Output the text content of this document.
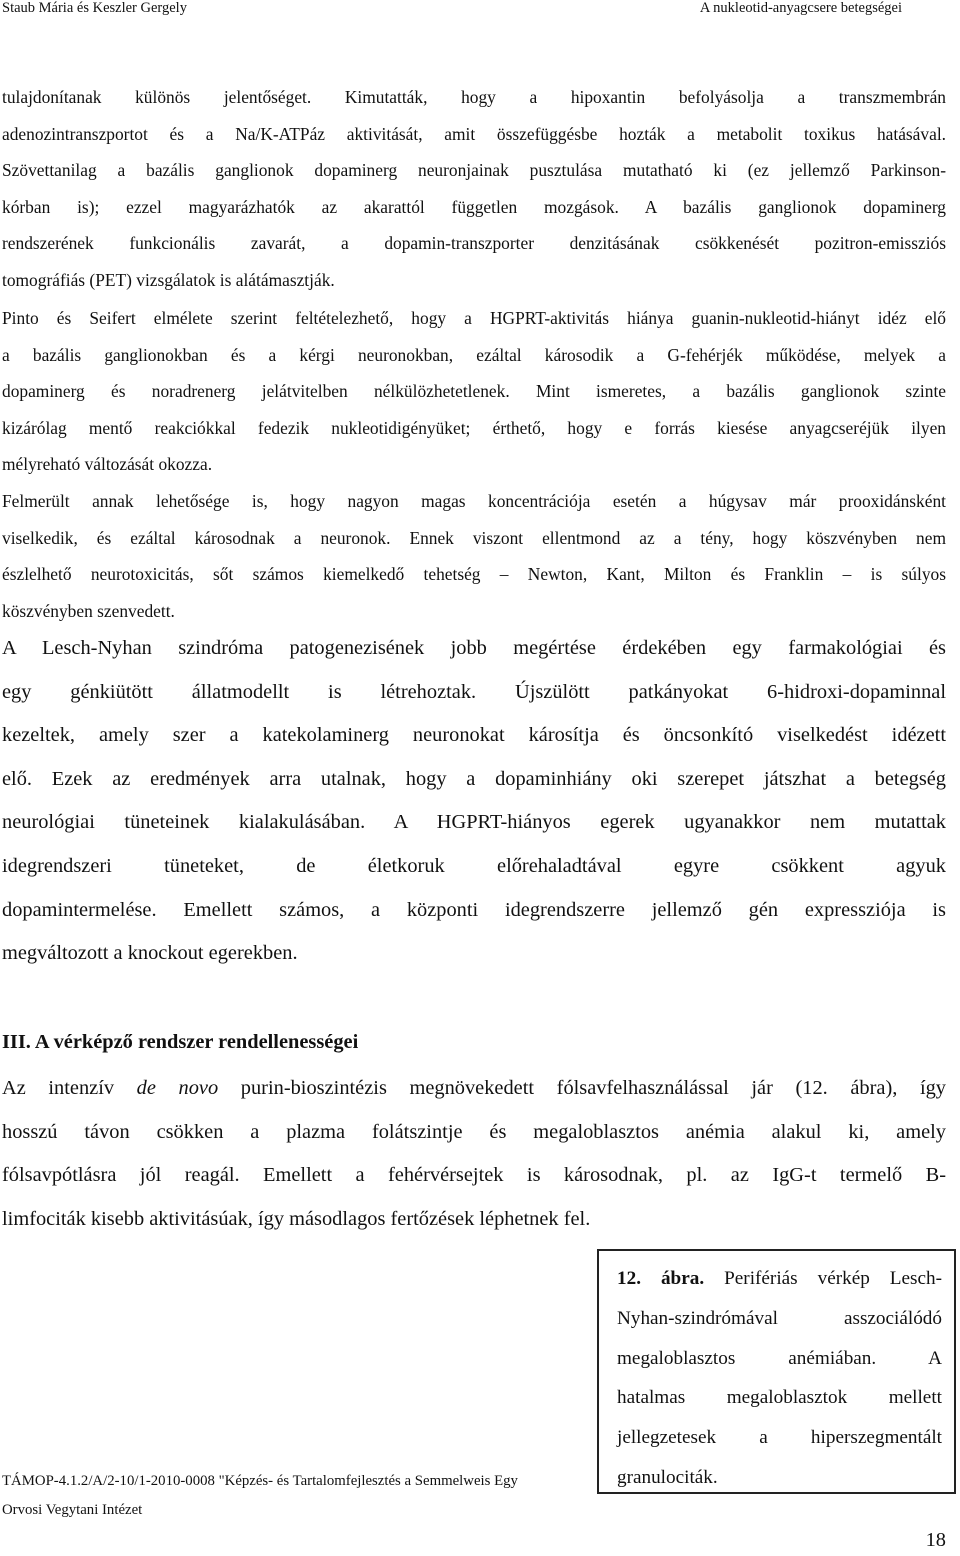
Staub Mária és Keszler Gergely	A nukleotid-anyagcsere betegségei
tulajdonítanak különös jelentőséget. Kimutatták, hogy a hipoxantin befolyásolja a transzmembrán
adenozintranszportot és a Na/K-ATPáz aktivitását, amit összefüggésbe hozták a metabolit toxikus hatásával.
Szövettanilag a bazális ganglionok dopaminerg neuronjainak pusztulása mutatható ki (ez jellemző Parkinson-
kórban is); ezzel magyarázhatók az akarattól független mozgások. A bazális ganglionok dopaminerg
rendszerének funkcionális zavarát, a dopamin-transzporter denzitásának csökkenését pozitron-emissziós
tomográfiás (PET) vizsgálatok is alátámasztják.
Pinto és Seifert elmélete szerint feltételezhető, hogy a HGPRT-aktivitás hiánya guanin-nukleotid-hiányt idéz elő
a bazális ganglionokban és a kérgi neuronokban, ezáltal károsodik a G-fehérjék működése, melyek a
dopaminerg és noradrenerg jelátvitelben nélkülözhetetlenek. Mint ismeretes, a bazális ganglionok szinte
kizárólag mentő reakciókkal fedezik nukleotidigényüket; érthető, hogy e forrás kiesése anyagcseréjük ilyen
mélyreható változását okozza.
Felmerült annak lehetősége is, hogy nagyon magas koncentrációja esetén a húgysav már prooxidánsként
viselkedik, és ezáltal károsodnak a neuronok. Ennek viszont ellentmond az a tény, hogy köszvényben nem
észlelhető neurotoxicitás, sőt számos kiemelkedő tehetség – Newton, Kant, Milton és Franklin – is súlyos
köszvényben szenvedett.
A Lesch-Nyhan szindróma patogenezisének jobb megértése érdekében egy farmakológiai és
egy génkiütött állatmodellt is létrehoztak. Újszülött patkányokat 6-hidroxi-dopaminnal
kezeltek, amely szer a katekolaminerg neuronokat károsítja és öncsonkító viselkedést idézett
elő. Ezek az eredmények arra utalnak, hogy a dopaminhiány oki szerepet játszhat a betegség
neurológiai tüneteinek kialakulásában. A HGPRT-hiányos egerek ugyanakkor nem mutattak
idegrendszeri tüneteket, de életkoruk előrehaladtával egyre csökkent agyuk
dopamintermelése. Emellett számos, a központi idegrendszerre jellemző gén expressziója is
megváltozott a knockout egerekben.
III. A vérképző rendszer rendellenességei
Az intenzív de novo purin-bioszintézis megnövekedett fólsavfelhasználással jár (12. ábra), így
hosszú távon csökken a plazma folátszintje és megaloblasztos anémia alakul ki, amely
fólsavpótlásra jól reagál. Emellett a fehérvérsejtek is károsodnak, pl. az IgG-t termelő B-
limfociták kisebb aktivitásúak, így másodlagos fertőzések léphetnek fel.
12. ábra. Perifériás vérkép Lesch-
Nyhan-szindrómával asszociálódó
megaloblasztos anémiában. A
hatalmas megaloblasztok mellett
jellegzetesek a hiperszegmentált
granulociták.
TÁMOP-4.1.2/A/2-10/1-2010-0008 "Képzés- és Tartalomfejlesztés a Semmelweis Egy
Orvosi Vegytani Intézet
18
